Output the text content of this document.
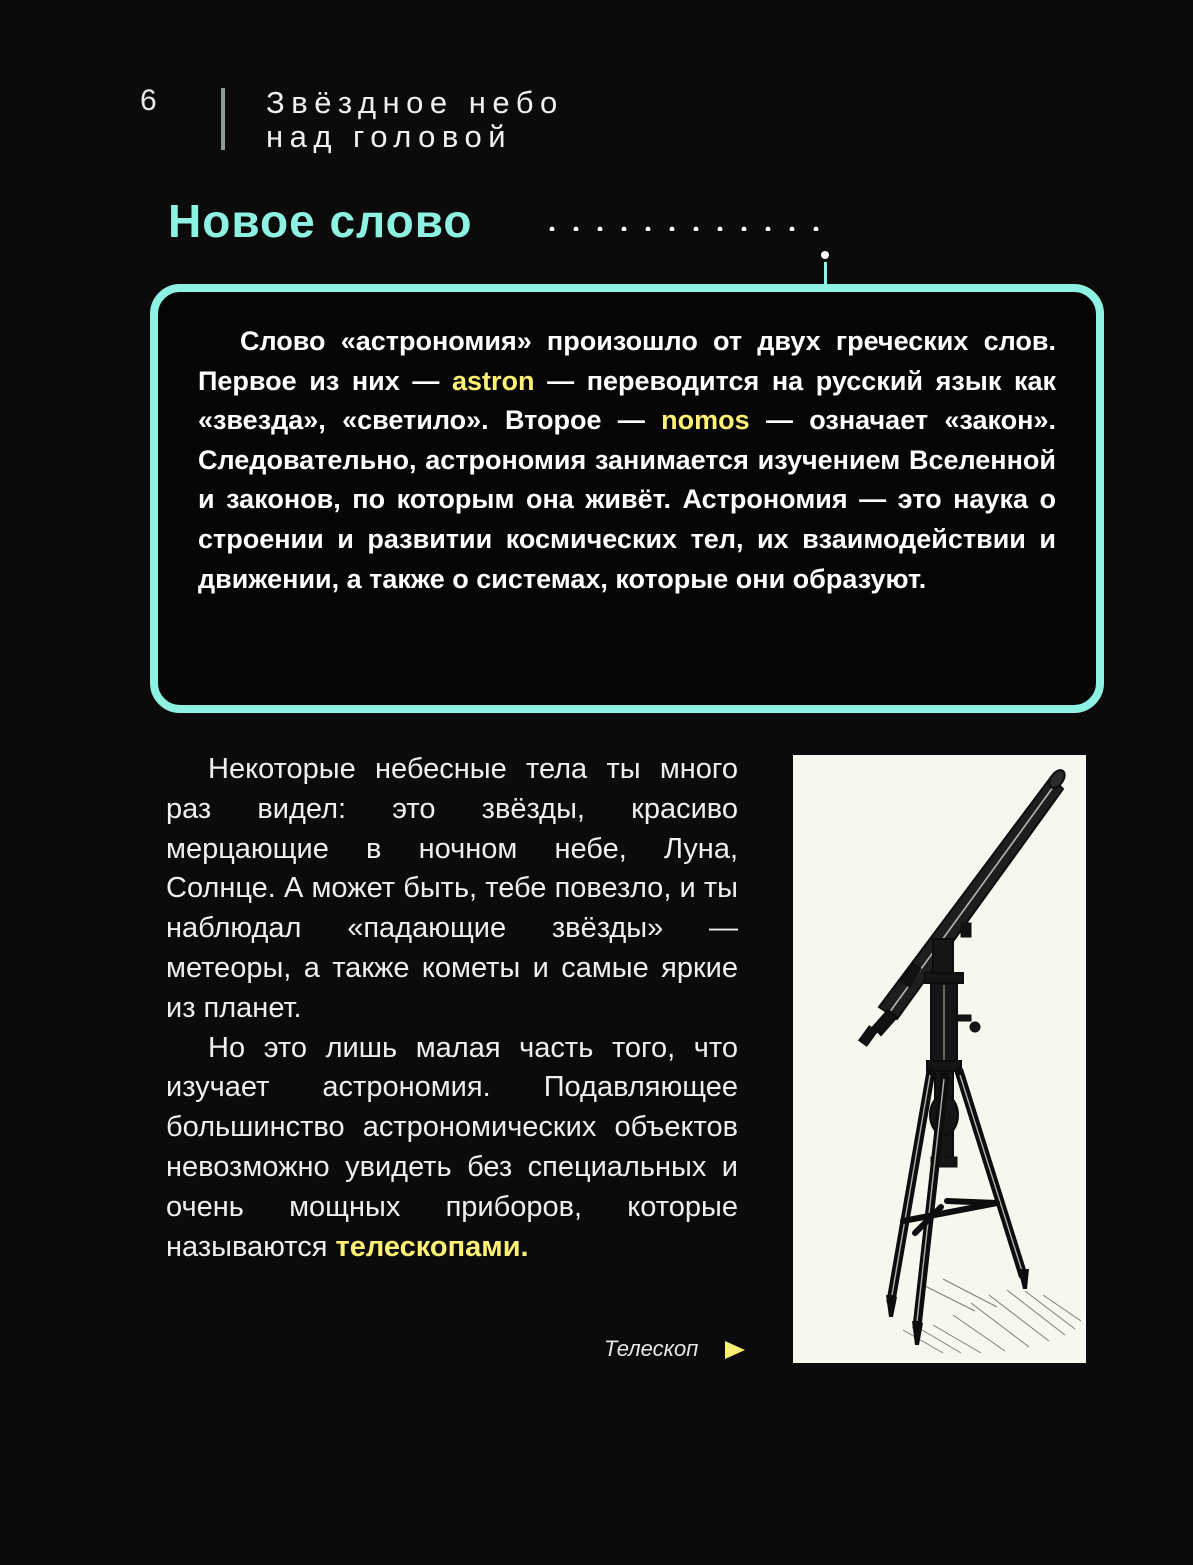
6	Звёздное небо
над головой
Новое слово

Слово «астрономия» произошло от двух греческих слов. Первое из них — astron — переводится на русский язык как «звезда», «светило». Второе — nomos — означает «закон». Следовательно, астрономия занимается изучением Вселенной и законов, по которым она живёт. Астрономия — это наука о строении и развитии космических тел, их взаимодействии и движении, а также о системах, которые они образуют.

Некоторые небесные тела ты много раз видел: это звёзды, красиво мерцающие в ночном небе, Луна, Солнце. А может быть, тебе повезло, и ты наблюдал «падающие звёзды» — метеоры, а также кометы и самые яркие из планет.

Но это лишь малая часть того, что изучает астрономия. Подавляющее большинство астрономических объектов невозможно увидеть без специальных и очень мощных приборов, которые называются телескопами.

Телескоп
